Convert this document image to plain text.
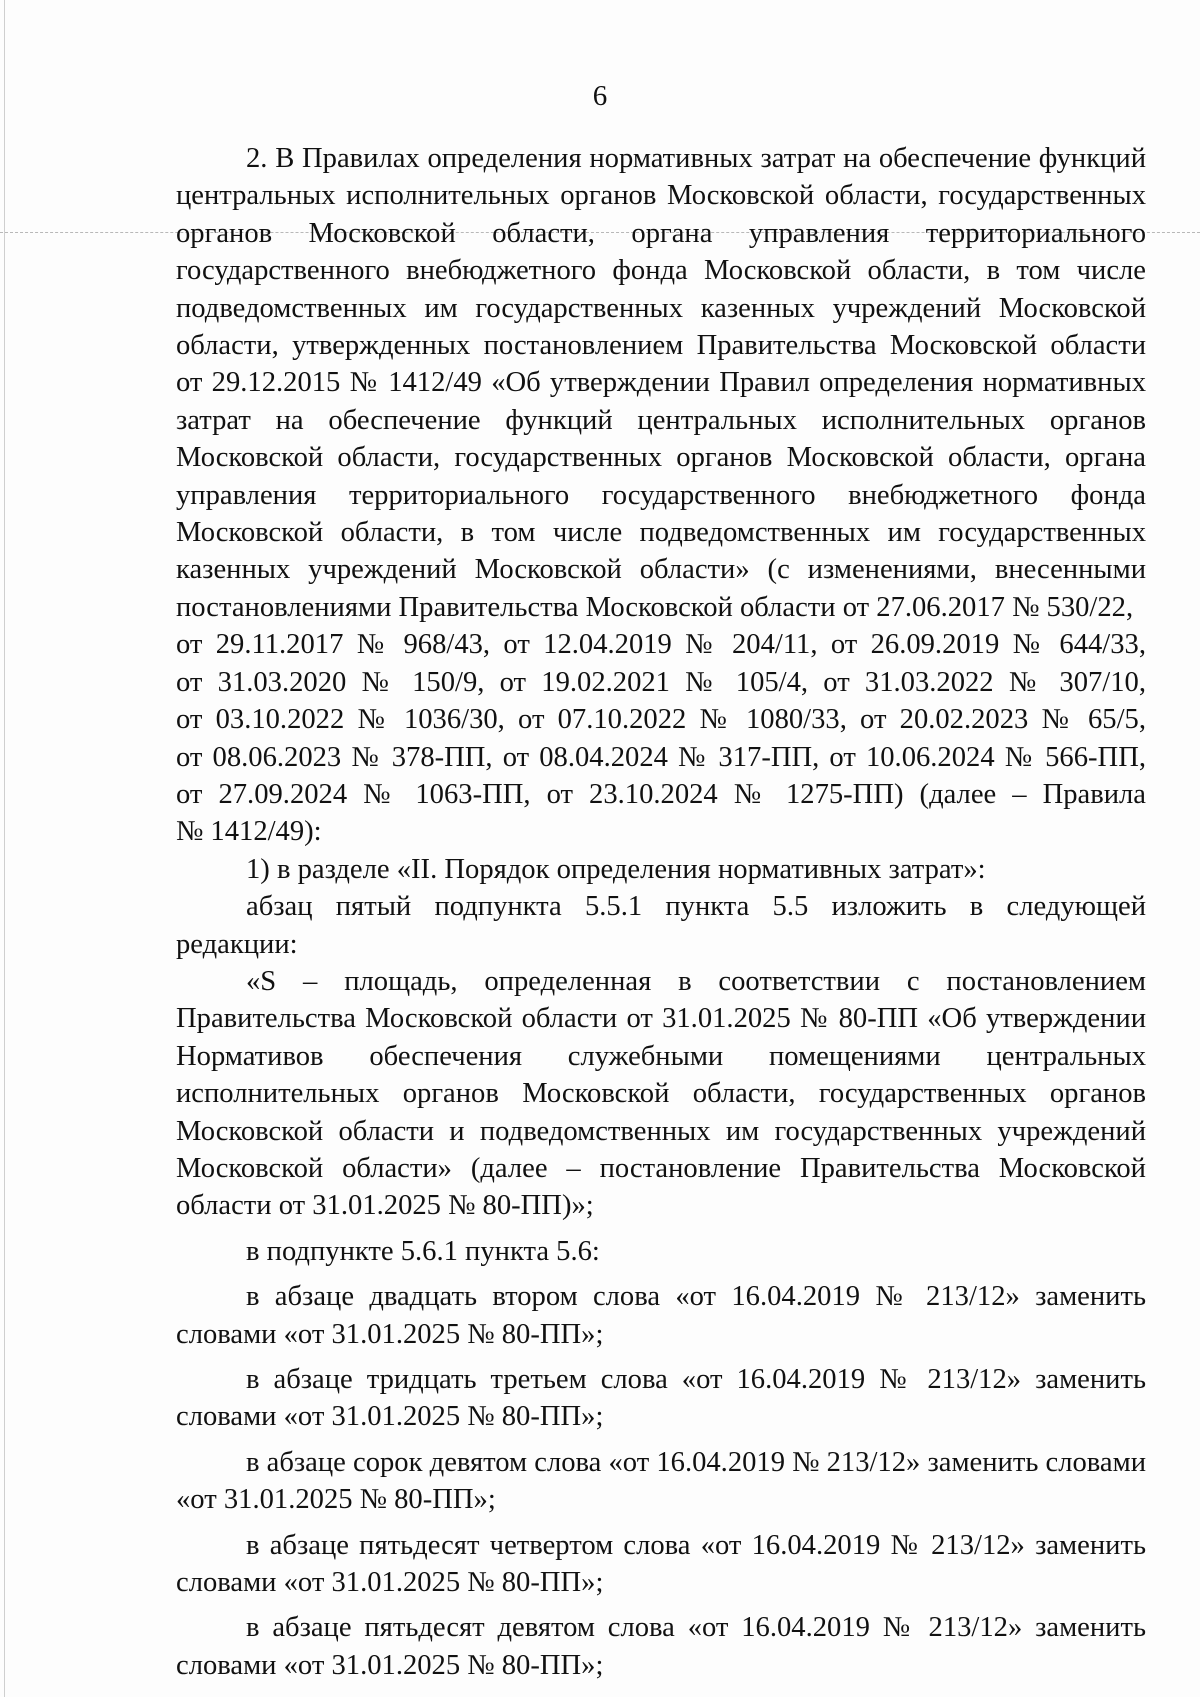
6

2. В Правилах определения нормативных затрат на обеспечение функций центральных исполнительных органов Московской области, государственных органов Московской области, органа управления территориального государственного внебюджетного фонда Московской области, в том числе подведомственных им государственных казенных учреждений Московской области, утвержденных постановлением Правительства Московской области от 29.12.2015 № 1412/49 «Об утверждении Правил определения нормативных затрат на обеспечение функций центральных исполнительных органов Московской области, государственных органов Московской области, органа управления территориального государственного внебюджетного фонда Московской области, в том числе подведомственных им государственных казенных учреждений Московской области» (с изменениями, внесенными постановлениями Правительства Московской области от 27.06.2017 № 530/22,

от 29.11.2017 № 968/43, от 12.04.2019 № 204/11, от 26.09.2019 № 644/33,
от 31.03.2020 № 150/9, от 19.02.2021 № 105/4, от 31.03.2022 № 307/10,
от 03.10.2022 № 1036/30, от 07.10.2022 № 1080/33, от 20.02.2023 № 65/5,
от 08.06.2023 № 378-ПП, от 08.04.2024 № 317-ПП, от 10.06.2024 № 566-ПП,
от 27.09.2024 № 1063-ПП, от 23.10.2024 № 1275-ПП) (далее – Правила
№ 1412/49):

1) в разделе «II. Порядок определения нормативных затрат»:

абзац пятый подпункта 5.5.1 пункта 5.5 изложить в следующей редакции:

«S – площадь, определенная в соответствии с постановлением Правительства Московской области от 31.01.2025 № 80-ПП «Об утверждении Нормативов обеспечения служебными помещениями центральных исполнительных органов Московской области, государственных органов Московской области и подведомственных им государственных учреждений Московской области» (далее – постановление Правительства Московской области от 31.01.2025 № 80-ПП)»;

в подпункте 5.6.1 пункта 5.6:

в абзаце двадцать втором слова «от 16.04.2019 № 213/12» заменить словами «от 31.01.2025 № 80-ПП»;

в абзаце тридцать третьем слова «от 16.04.2019 № 213/12» заменить словами «от 31.01.2025 № 80-ПП»;

в абзаце сорок девятом слова «от 16.04.2019 № 213/12» заменить словами «от 31.01.2025 № 80-ПП»;

в абзаце пятьдесят четвертом слова «от 16.04.2019 № 213/12» заменить словами «от 31.01.2025 № 80-ПП»;

в абзаце пятьдесят девятом слова «от 16.04.2019 № 213/12» заменить словами «от 31.01.2025 № 80-ПП»;
